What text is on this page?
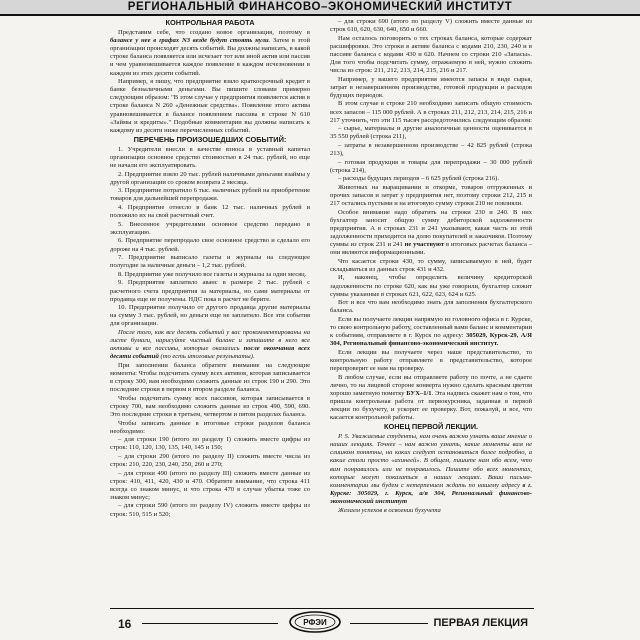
РЕГИОНАЛЬНЫЙ ФИНАНСОВО–ЭКОНОМИЧЕСКИЙ ИНСТИТУТ
КОНТРОЛЬНАЯ РАБОТА

Представим себе, что создано новое организация, поэтому в балансе у нее в графах N3 везде будут стоять нули. Затем в этой организации происходят десять событий. Вы должны написать, в какой строке баланса появляется или исчезает тот или иной актив или пассив и чем уравновешивается каждое появление в каждом исчезновении в каждом из этих десяти событий.

Например, я пишу, что предприятие взяло краткосрочный кредит в банке безналичными деньгами. Вы пишите словами примерно следующим образом: "В этом случае у предприятия появляется актив в строке баланса N 260 «Денежные средства». Появление этого актива уравновешивается в балансе появлением пассива в строке N 610 «Займы и кредиты»." Подобные комментарии вы должны написать к каждому из десяти ниже перечисленных событий.

ПЕРЕЧЕНЬ ПРОИЗОШЕДШИХ СОБЫТИЙ:

1. Учредители внесли в качестве взноса в уставный капитал организации основное средство стоимостью в 24 тыс. рублей, но еще не начали его эксплуатировать.

2. Предприятие взяло 20 тыс. рублей наличными деньгами взаймы у другой организации со сроком возврата 2 месяца.

3. Предприятие потратило 6 тыс. наличных рублей на приобретение товаров для дальнейшей перепродажи.

4. Предприятие отнесло в банк 12 тыс. наличных рублей и положило их на свой расчетный счет.

5. Внесенное учредителями основное средство передано в эксплуатацию.

6. Предприятие перепродало свое основное средство и сделало его дороже на 4 тыс. рублей.

7. Предприятие выписало газеты и журналы на следующее полугодие за наличные деньги – 1,2 тыс. рублей.

8. Предприятие уже получило все газеты и журналы за один месяц.

9. Предприятие заплатило аванс в размере 2 тыс. рублей с расчетного счета предприятия за материалы, но сами материалы от продавца еще не получены. НДС пока в расчет не берите.

10. Предприятие получило от другого продавца другие материалы на сумму 3 тыс. рублей, но деньги еще не заплатило. Все эти события для организации.

После того, как все десять событий у вас прокомментированы на листе бумаги, нарисуйте чистый баланс и запишите в него все активы и все пассивы, которые оказались после окончания всех десяти событий (то есть итоговые результаты).

При заполнении баланса обратите внимание на следующие моменты: Чтобы подсчитать сумму всех активов, которая записывается в строку 300, вам необходимо сложить данные из строк 190 и 290. Это последние строки в первом и втором разделе баланса.

Чтобы подсчитать сумму всех пассивов, которая записывается в строку 700, вам необходимо сложить данные из строк 490, 590, 690. Это последние строки в третьем, четвертом и пятом разделах баланса.

Чтобы записать данные в итоговые строки разделов баланса необходимо:

– для строки 190 (итого по разделу I) сложить вместе цифры из строк: 110, 120, 130, 135, 140, 145 и 150;

– для строки 290 (итого по разделу II) сложить вместе числа из строк: 210, 220, 230, 240, 250, 260 и 270;

– для строки 490 (итого по разделу III) сложить вместе данные из строк: 410, 411, 420, 430 и 470. Обратите внимание, что строка 411 всегда со знаком минус, и что строка 470 в случае убытка тоже со знаком минус;

– для строки 590 (итого по разделу IV) сложить вместе цифры из строк: 510, 515 и 520;

– для строки 690 (итого по разделу V) сложить вместе данные из строк 610, 620, 630, 640, 650 и 660.

Нам осталось поговорить о тех строках баланса, которые содержат расшифровки. Это строки в активе баланса с кодами 210, 230, 240 и в пассиве баланса с кодами 430 и 620. Начнем со строки 210 «Запасы». Для того чтобы подсчитать сумму, отражаемую в ней, нужно сложить числа из строк: 211, 212, 213, 214, 215, 216 и 217.

Например, у вашего предприятия имеются запасы в виде сырья, затрат в незавершенном производстве, готовой продукции и расходов будущих периодов.

В этом случае в строке 210 необходимо записать общую стоимость всех запасов – 115 000 рублей. А в строках 211, 212, 213, 214, 215, 216 и 217 уточнить, что эти 115 тысяч рассредоточились следующим образом:

– сырье, материалы и другие аналогичные ценности оценивается в 35 550 рублей (строка 211),

– затраты в незавершенном производстве – 42 825 рублей (строка 213),

– готовая продукция и товары для перепродажи – 30 000 рублей (строка 214),

– расходы будущих периодов – 6 625 рублей (строка 216).

Животных на выращивании и откорме, товаров отгруженных и прочих запасов и затрат у предприятия нет, поэтому строки 212, 215 и 217 остались пустыми и на итоговую сумму строки 210 не повлияли.

Особое внимание надо обратить на строки 230 и 240. В них бухгалтер заносит общую сумму дебиторской задолженности предприятия. А в строках 231 и 241 указывают, какая часть из этой задолженности приходится на долю покупателей и заказчиков. Поэтому суммы из строк 231 и 241 не участвуют в итоговых расчетах баланса – они являются информационными.

Что касается строки 430, то сумму, записываемую в ней, будет складываться из данных строк 431 и 432.

И, наконец, чтобы определить величину кредиторской задолженности по строке 620, как вы уже говорили, бухгалтер сложит суммы указанные в строках 621, 622, 623, 624 и 625.

Вот и все что вам необходимо знать для заполнения бухгалтерского баланса.

Если вы получаете лекции напрямую из головного офиса в г. Курске, то свою контрольную работу, составленный вами баланс и комментарии к событиям, отправляете в г. Курск по адресу: 305029, Курск-29, А/Я 304, Региональный финансово-экономический институт.

Если лекции вы получаете через наше представительство, то контрольную работу отправляете в представительство, которое перепроверит ее нам на проверку.

В любом случае, если вы отправляете работу по почте, а не сдаете лично, то на лицевой стороне конверта нужно сделать красным цветом хорошо заметную пометку БУХ–1/1. Эта надпись скажет нам о том, что пришла контрольная работа от первокурсника, заданная в первой лекции по бухучету, и ускорит ее проверку. Вот, пожалуй, и все, что касается контрольной работы.

КОНЕЦ ПЕРВОЙ ЛЕКЦИИ.

P. S. Уважаемые студенты, нам очень важно узнать ваше мнение о наших лекциях. Точнее – нам важно узнать, какие моменты вам не слишком понятны, на каких следует остановиться более подробно, а какие стали просто «ахинеей». В общем, пишите нам обо всем, что вам понравилось или не понравилось. Пишите обо всех моментах, которые могут показаться в наших лекциях. Ваши письма-комментарии мы будем с нетерпением ждать по нашему адресу в г. Курске: 305029, г. Курск, а/я 304, Региональный финансово-экономический институт

Желаем успехов в освоении бухучета

16	РФЭИ	ПЕРВАЯ ЛЕКЦИЯ
